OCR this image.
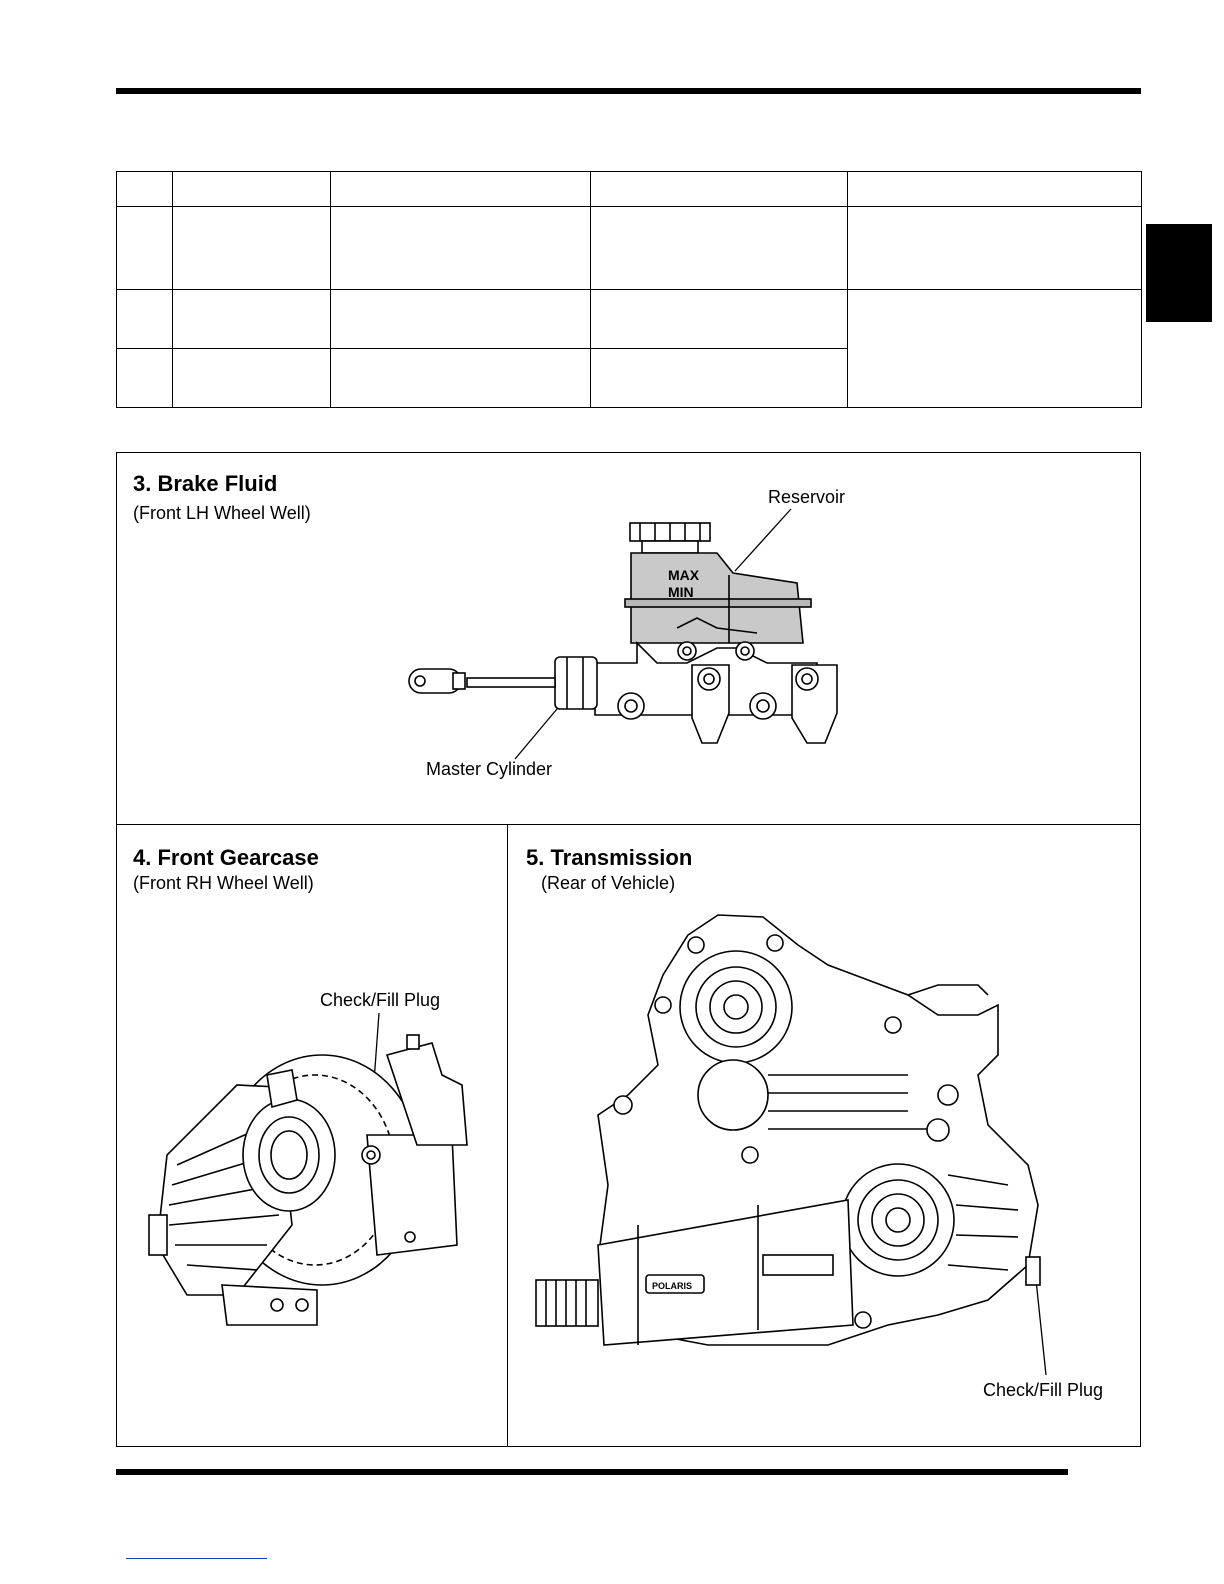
3. Brake Fluid
(Front LH Wheel Well)
Reservoir
Master Cylinder
MAX
MIN
4. Front Gearcase
(Front RH Wheel Well)
Check/Fill Plug
5. Transmission
(Rear of Vehicle)
Check/Fill Plug
POLARIS
